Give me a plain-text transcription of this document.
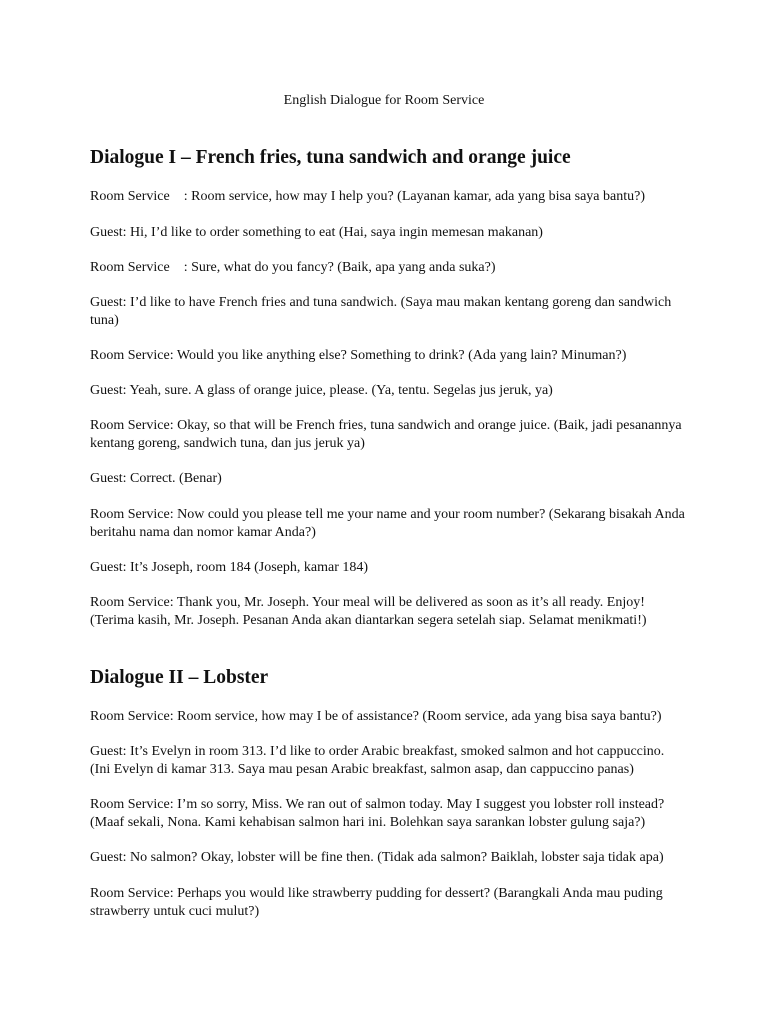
English Dialogue for Room Service
Dialogue I – French fries, tuna sandwich and orange juice
Room Service    : Room service, how may I help you? (Layanan kamar, ada yang bisa saya bantu?)
Guest: Hi, I’d like to order something to eat (Hai, saya ingin memesan makanan)
Room Service    : Sure, what do you fancy? (Baik, apa yang anda suka?)
Guest: I’d like to have French fries and tuna sandwich. (Saya mau makan kentang goreng dan sandwich tuna)
Room Service: Would you like anything else? Something to drink? (Ada yang lain? Minuman?)
Guest: Yeah, sure. A glass of orange juice, please. (Ya, tentu. Segelas jus jeruk, ya)
Room Service: Okay, so that will be French fries, tuna sandwich and orange juice. (Baik, jadi pesanannya kentang goreng, sandwich tuna, dan jus jeruk ya)
Guest: Correct. (Benar)
Room Service: Now could you please tell me your name and your room number? (Sekarang bisakah Anda beritahu nama dan nomor kamar Anda?)
Guest: It’s Joseph, room 184 (Joseph, kamar 184)
Room Service: Thank you, Mr. Joseph. Your meal will be delivered as soon as it’s all ready. Enjoy! (Terima kasih, Mr. Joseph. Pesanan Anda akan diantarkan segera setelah siap. Selamat menikmati!)
Dialogue II – Lobster
Room Service: Room service, how may I be of assistance? (Room service, ada yang bisa saya bantu?)
Guest: It’s Evelyn in room 313. I’d like to order Arabic breakfast, smoked salmon and hot cappuccino. (Ini Evelyn di kamar 313. Saya mau pesan Arabic breakfast, salmon asap, dan cappuccino panas)
Room Service: I’m so sorry, Miss. We ran out of salmon today. May I suggest you lobster roll instead? (Maaf sekali, Nona. Kami kehabisan salmon hari ini. Bolehkan saya sarankan lobster gulung saja?)
Guest: No salmon? Okay, lobster will be fine then. (Tidak ada salmon? Baiklah, lobster saja tidak apa)
Room Service: Perhaps you would like strawberry pudding for dessert? (Barangkali Anda mau puding strawberry untuk cuci mulut?)
